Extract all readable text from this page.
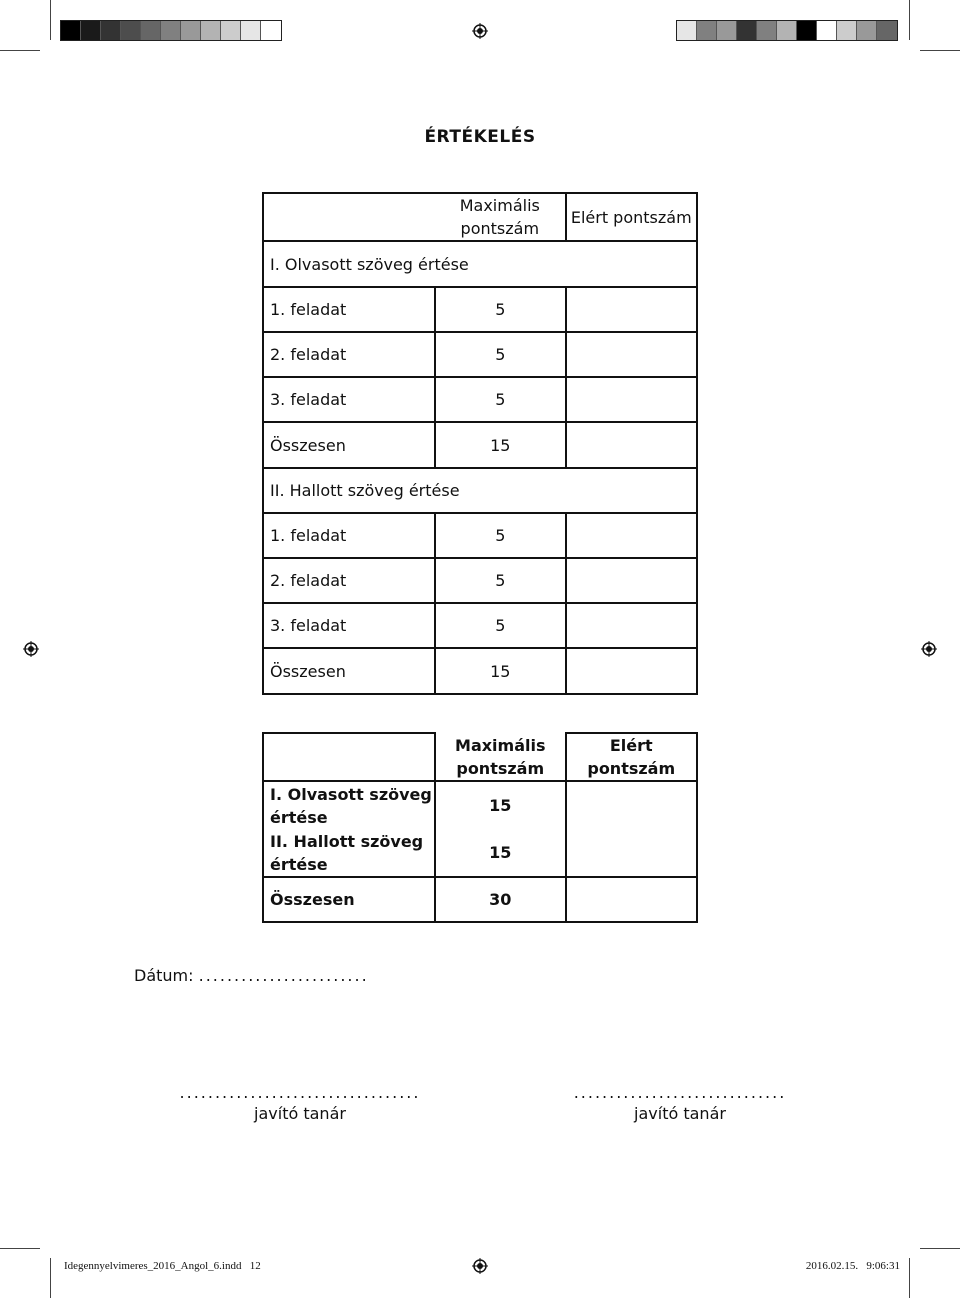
ÉRTÉKELÉS
	Maximális pontszám	Elért pontszám
I. Olvasott szöveg értése		
1. feladat	5	
2. feladat	5	
3. feladat	5	
Összesen	15	
II. Hallott szöveg értése		
1. feladat	5	
2. feladat	5	
3. feladat	5	
Összesen	15	
	Maximális pontszám	Elért pontszám
I. Olvasott szöveg értése	15	
II. Hallott szöveg értése	15	
Összesen	30	
Dátum: ........................
..................................
javító tanár
..............................
javító tanár
Idegennyelvimeres_2016_Angol_6.indd   12	2016.02.15.   9:06:31
